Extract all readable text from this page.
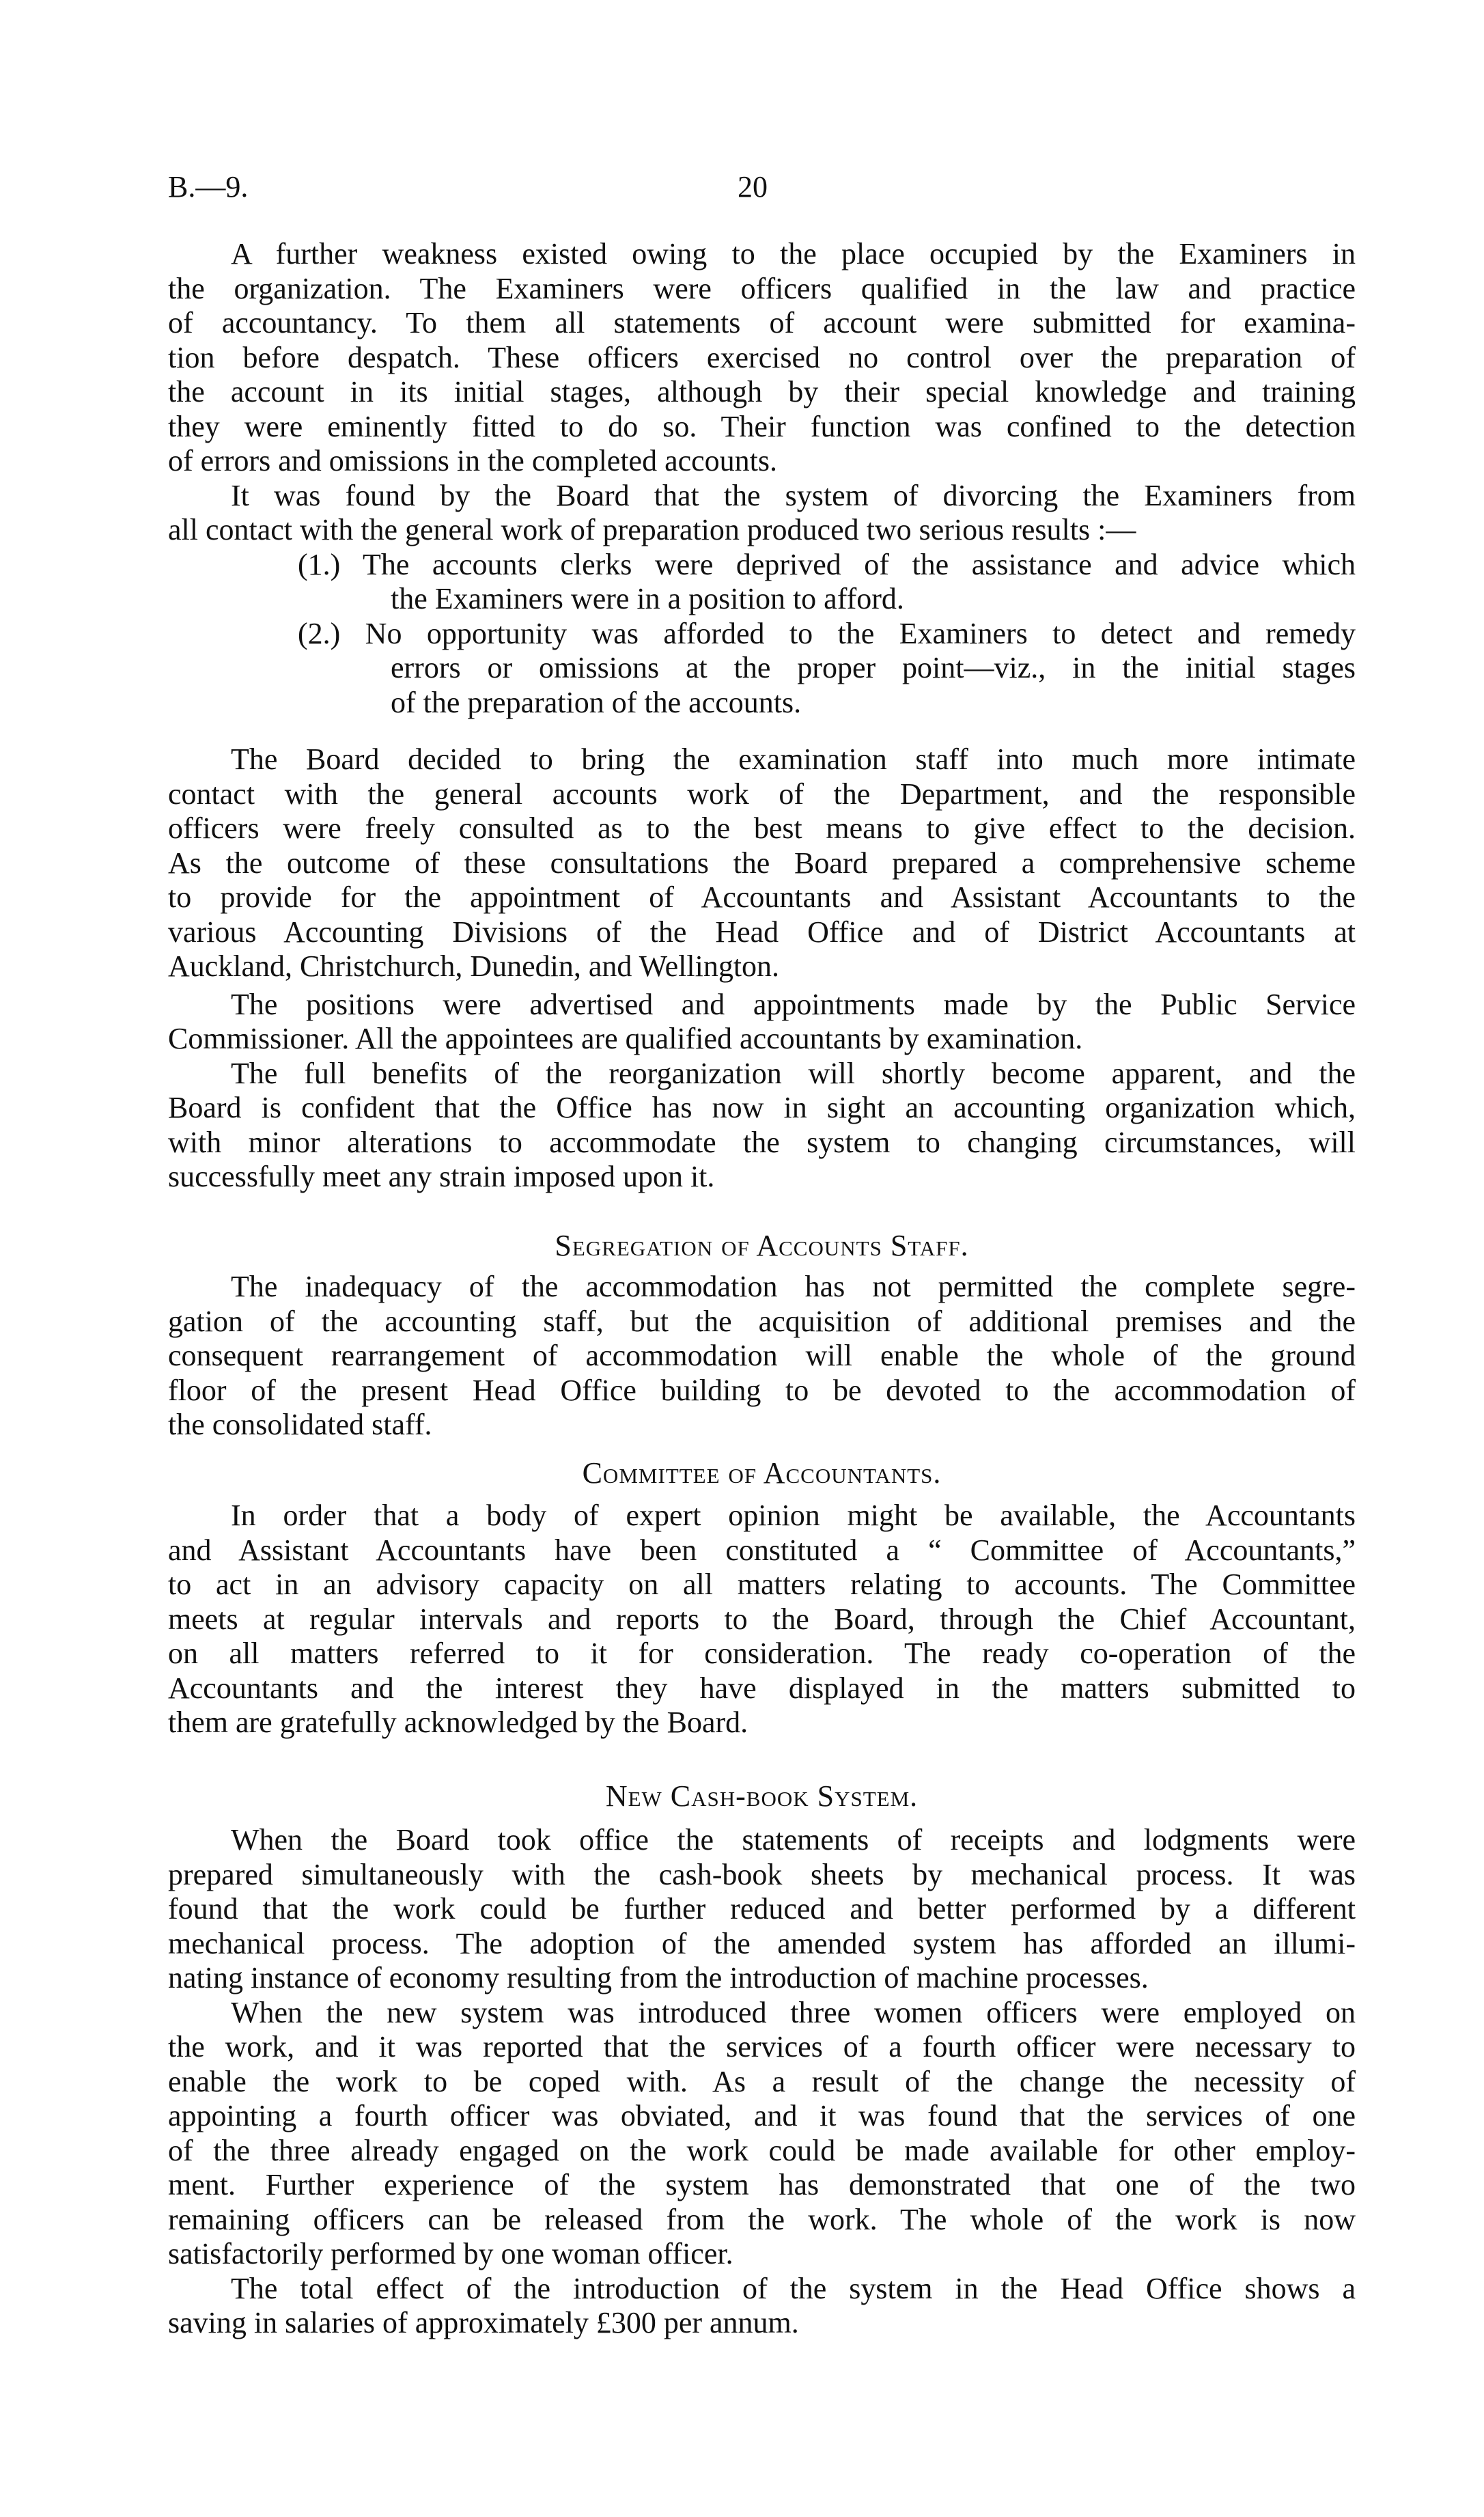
B.—9.	20
A further weakness existed owing to the place occupied by the Examiners in
the organization. The Examiners were officers qualified in the law and practice
of accountancy. To them all statements of account were submitted for examina-
tion before despatch. These officers exercised no control over the preparation of
the account in its initial stages, although by their special knowledge and training
they were eminently fitted to do so. Their function was confined to the detection
of errors and omissions in the completed accounts.
It was found by the Board that the system of divorcing the Examiners from
all contact with the general work of preparation produced two serious results :—
(1.) The accounts clerks were deprived of the assistance and advice which
the Examiners were in a position to afford.
(2.) No opportunity was afforded to the Examiners to detect and remedy
errors or omissions at the proper point—viz., in the initial stages
of the preparation of the accounts.
The Board decided to bring the examination staff into much more intimate
contact with the general accounts work of the Department, and the responsible
officers were freely consulted as to the best means to give effect to the decision.
As the outcome of these consultations the Board prepared a comprehensive scheme
to provide for the appointment of Accountants and Assistant Accountants to the
various Accounting Divisions of the Head Office and of District Accountants at
Auckland, Christchurch, Dunedin, and Wellington.
The positions were advertised and appointments made by the Public Service
Commissioner. All the appointees are qualified accountants by examination.
The full benefits of the reorganization will shortly become apparent, and the
Board is confident that the Office has now in sight an accounting organization which,
with minor alterations to accommodate the system to changing circumstances, will
successfully meet any strain imposed upon it.
Segregation of Accounts Staff.
The inadequacy of the accommodation has not permitted the complete segre-
gation of the accounting staff, but the acquisition of additional premises and the
consequent rearrangement of accommodation will enable the whole of the ground
floor of the present Head Office building to be devoted to the accommodation of
the consolidated staff.
Committee of Accountants.
In order that a body of expert opinion might be available, the Accountants
and Assistant Accountants have been constituted a “ Committee of Accountants,”
to act in an advisory capacity on all matters relating to accounts. The Committee
meets at regular intervals and reports to the Board, through the Chief Accountant,
on all matters referred to it for consideration. The ready co-operation of the
Accountants and the interest they have displayed in the matters submitted to
them are gratefully acknowledged by the Board.
New Cash-book System.
When the Board took office the statements of receipts and lodgments were
prepared simultaneously with the cash-book sheets by mechanical process. It was
found that the work could be further reduced and better performed by a different
mechanical process. The adoption of the amended system has afforded an illumi-
nating instance of economy resulting from the introduction of machine processes.
When the new system was introduced three women officers were employed on
the work, and it was reported that the services of a fourth officer were necessary to
enable the work to be coped with. As a result of the change the necessity of
appointing a fourth officer was obviated, and it was found that the services of one
of the three already engaged on the work could be made available for other employ-
ment. Further experience of the system has demonstrated that one of the two
remaining officers can be released from the work. The whole of the work is now
satisfactorily performed by one woman officer.
The total effect of the introduction of the system in the Head Office shows a
saving in salaries of approximately £300 per annum.
